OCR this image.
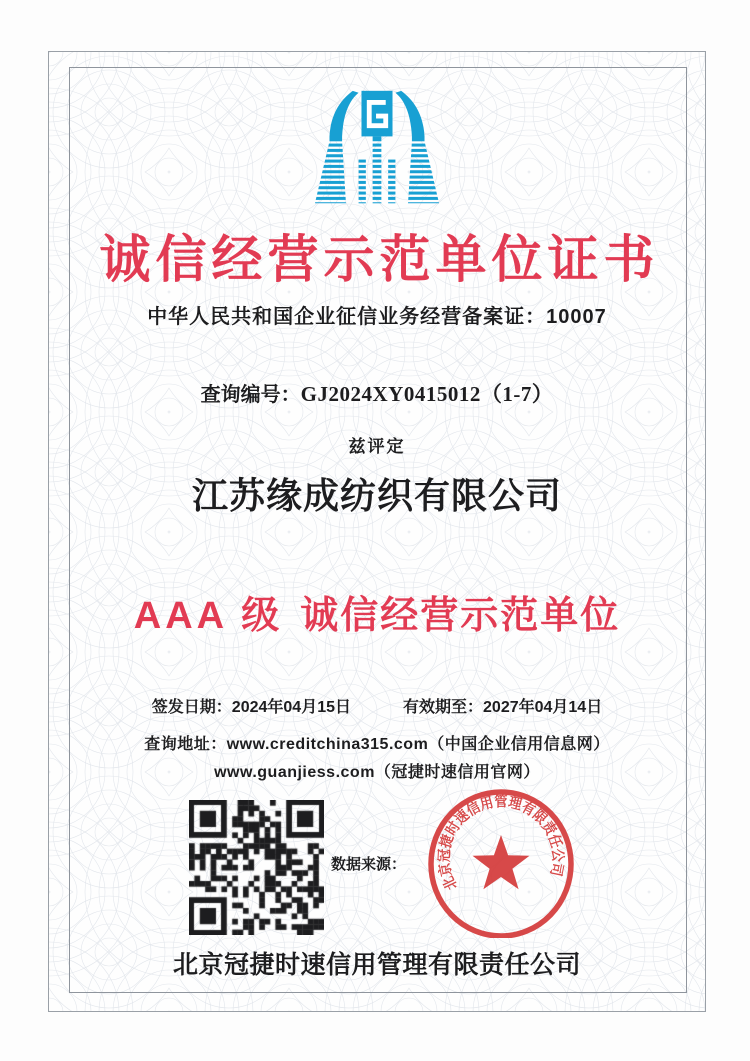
诚信经营示范单位证书
中华人民共和国企业征信业务经营备案证：10007
查询编号： GJ2024XY0415012（1-7）
兹评定
江苏缘成纺织有限公司
AAA 级 诚信经营示范单位
签发日期：2024年04月15日	有效期至：2027年04月14日
查询地址：www.creditchina315.com（中国企业信用信息网）
www.guanjiess.com（冠捷时速信用官网）
数据来源：
北京冠捷时速信用管理有限责任公司
北京冠捷时速信用管理有限责任公司
